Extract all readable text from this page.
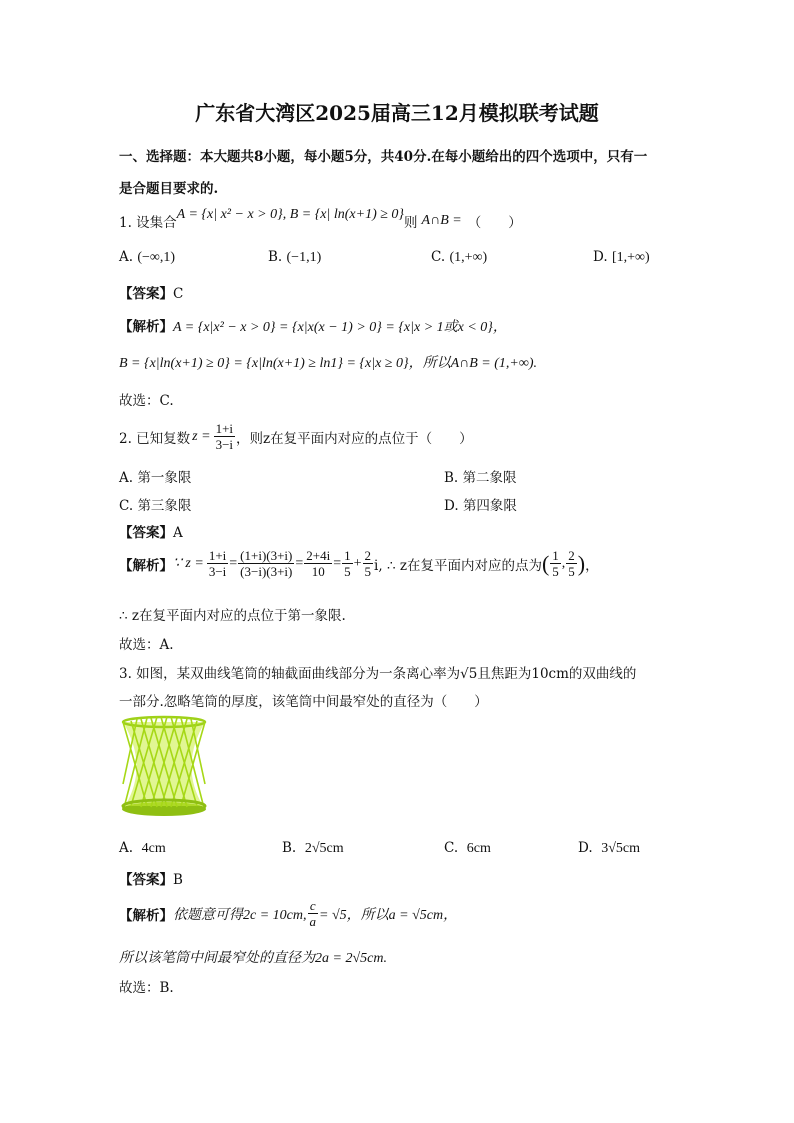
广东省大湾区2025届高三12月模拟联考试题
一、选择题：本大题共8小题，每小题5分，共40分.在每小题给出的四个选项中，只有一
是合题目要求的.
1. 设集合
A = {x| x² − x > 0} , B = {x| ln(x+1) ≥ 0}
则 A∩B = （　　）
A. (−∞,1)	B. (−1,1)	C. (1,+∞)	D. [1,+∞)
【答案】C
【解析】A = {x|x² − x > 0} = {x|x(x − 1) > 0} = {x|x > 1或x < 0}，
B = {x|ln(x+1) ≥ 0} = {x|ln(x+1) ≥ ln1} = {x|x ≥ 0}，所以A∩B = (1,+∞).
故选：C.
2. 已知复数 $z = \frac{1+i}{3-i}$ ，则z在复平面内对应的点位于（　　）
A. 第一象限	B. 第二象限
C. 第三象限	D. 第四象限
【答案】A
【解析】 ∵ $z = \frac{1+i}{3-i} = \frac{(1+i)(3+i)}{(3-i)(3+i)} = \frac{2+4i}{10} = \frac{1}{5} + \frac{2}{5} i$, ∴ z在复平面内对应的点为 ( $\frac{1}{5}$ , $\frac{2}{5}$ ) ，
∴ z在复平面内对应的点位于第一象限.
故选：A.
3. 如图，某双曲线笔筒的轴截面曲线部分为一条离心率为√5且焦距为10cm的双曲线的
一部分.忽略笔筒的厚度，该笔筒中间最窄处的直径为（　　）
A. 4cm	B. 2√5cm	C. 6cm	D. 3√5cm
【答案】B
【解析】 依题意可得2c = 10cm, $\frac{c}{a} = √5$，所以a = √5cm，
所以该笔筒中间最窄处的直径为2a = 2√5cm.
故选：B.
